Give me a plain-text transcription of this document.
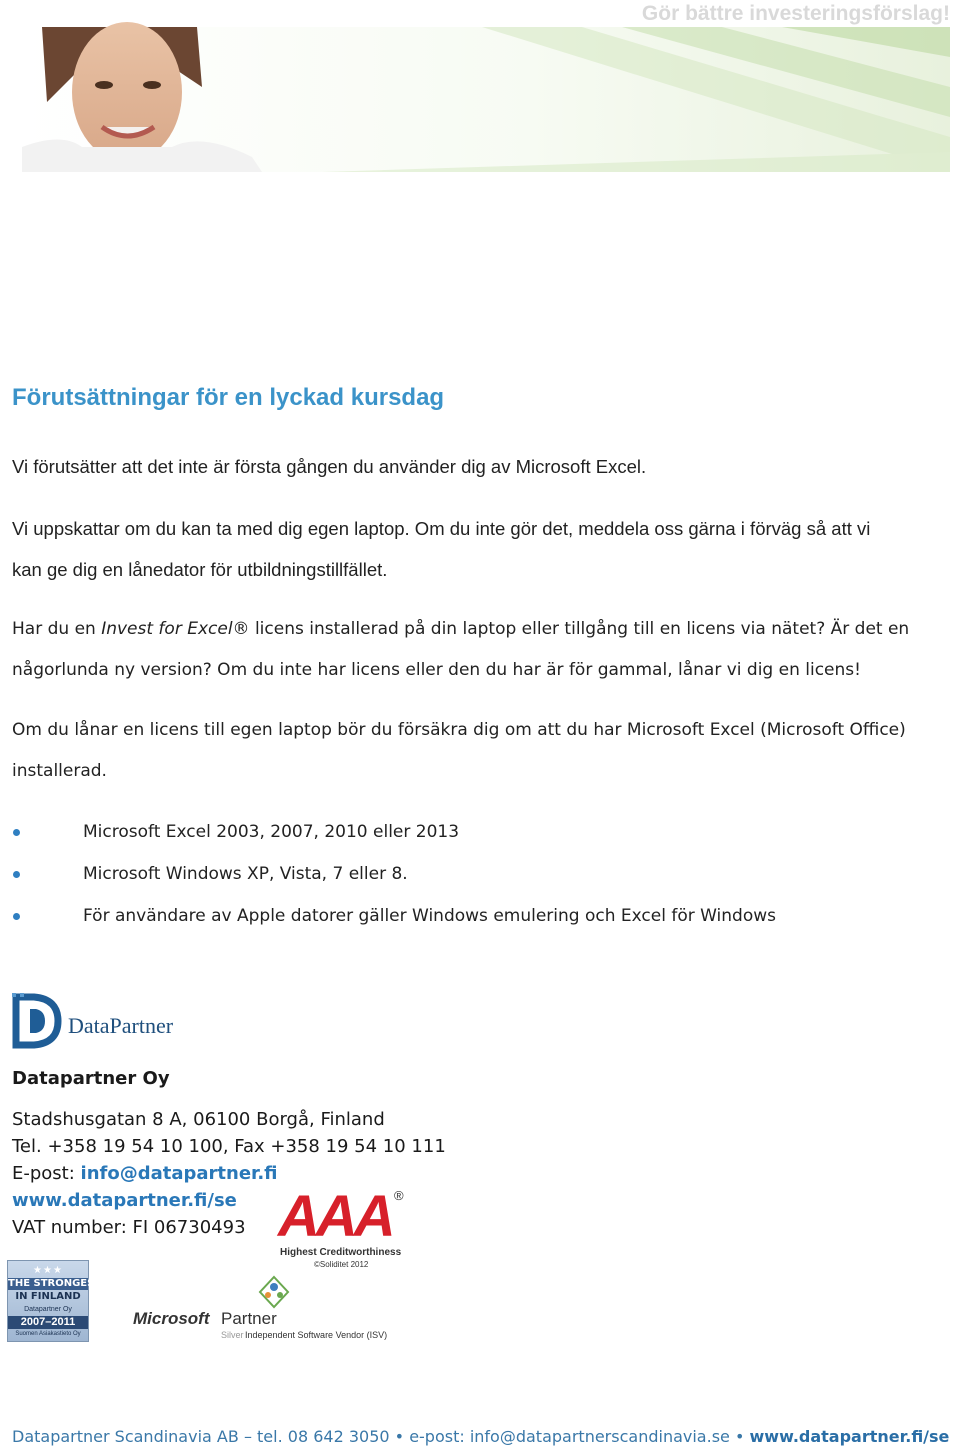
Gör bättre investeringsförslag!
Förutsättningar för en lyckad kursdag
Vi förutsätter att det inte är första gången du använder dig av Microsoft Excel.
Vi uppskattar om du kan ta med dig egen laptop. Om du inte gör det, meddela oss gärna i förväg så att vi
kan ge dig en lånedator för utbildningstillfället.
Har du en Invest for Excel® licens installerad på din laptop eller tillgång till en licens via nätet? Är det en
någorlunda ny version? Om du inte har licens eller den du har är för gammal, lånar vi dig en licens!
Om du lånar en licens till egen laptop bör du försäkra dig om att du har Microsoft Excel (Microsoft Office)
installerad.
Microsoft Excel 2003, 2007, 2010 eller 2013
Microsoft Windows XP, Vista, 7 eller 8.
För användare av Apple datorer gäller Windows emulering och Excel för Windows
DataPartner
Datapartner Oy
Stadshusgatan 8 A, 06100 Borgå, Finland
Tel. +358 19 54 10 100, Fax +358 19 54 10 111
E-post: info@datapartner.fi
www.datapartner.fi/se
VAT number: FI 06730493 AAA ®
Highest Creditworthiness
©Soliditet 2012
★★★
THE STRONGEST
IN FINLAND
Datapartner Oy
2007–2011
Suomen Asiakastieto Oy
Microsoft Partner
Silver Independent Software Vendor (ISV)
Datapartner Scandinavia AB – tel. 08 642 3050 • e-post: info@datapartnerscandinavia.se • www.datapartner.fi/se
